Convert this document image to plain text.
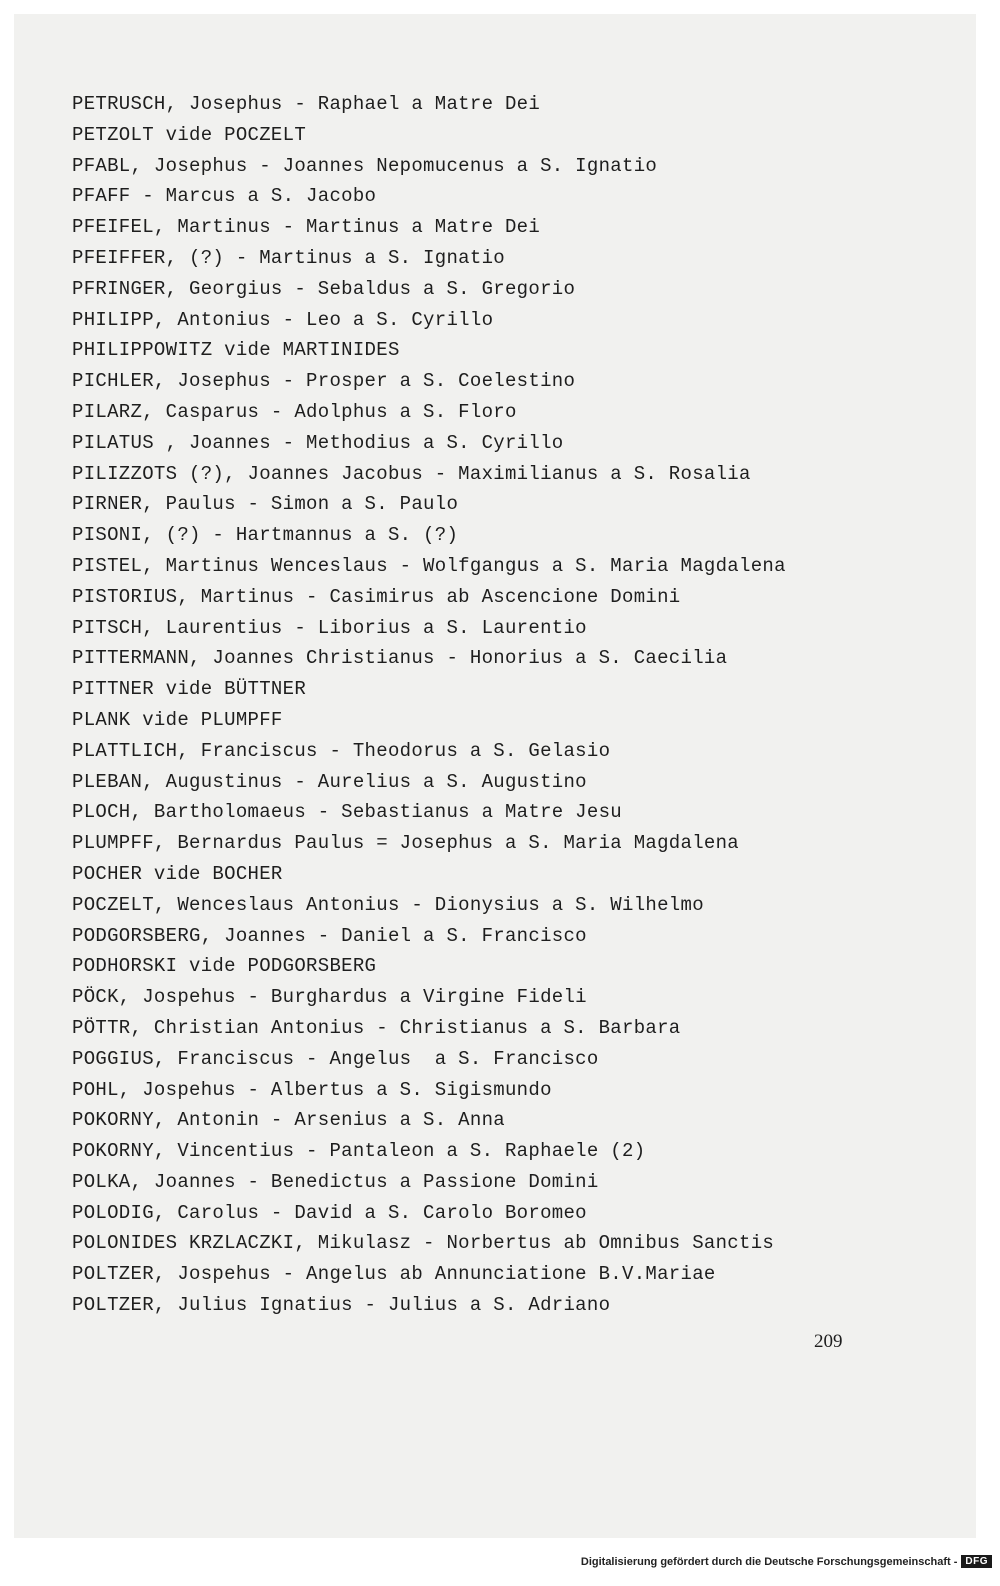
PETRUSCH, Josephus - Raphael a Matre Dei
PETZOLT vide POCZELT
PFABL, Josephus - Joannes Nepomucenus a S. Ignatio
PFAFF - Marcus a S. Jacobo
PFEIFEL, Martinus - Martinus a Matre Dei
PFEIFFER, (?) - Martinus a S. Ignatio
PFRINGER, Georgius - Sebaldus a S. Gregorio
PHILIPP, Antonius - Leo a S. Cyrillo
PHILIPPOWITZ vide MARTINIDES
PICHLER, Josephus - Prosper a S. Coelestino
PILARZ, Casparus - Adolphus a S. Floro
PILATUS , Joannes - Methodius a S. Cyrillo
PILIZZOTS (?), Joannes Jacobus - Maximilianus a S. Rosalia
PIRNER, Paulus - Simon a S. Paulo
PISONI, (?) - Hartmannus a S. (?)
PISTEL, Martinus Wenceslaus - Wolfgangus a S. Maria Magdalena
PISTORIUS, Martinus - Casimirus ab Ascencione Domini
PITSCH, Laurentius - Liborius a S. Laurentio
PITTERMANN, Joannes Christianus - Honorius a S. Caecilia
PITTNER vide BÜTTNER
PLANK vide PLUMPFF
PLATTLICH, Franciscus - Theodorus a S. Gelasio
PLEBAN, Augustinus - Aurelius a S. Augustino
PLOCH, Bartholomaeus - Sebastianus a Matre Jesu
PLUMPFF, Bernardus Paulus = Josephus a S. Maria Magdalena
POCHER vide BOCHER
POCZELT, Wenceslaus Antonius - Dionysius a S. Wilhelmo
PODGORSBERG, Joannes - Daniel a S. Francisco
PODHORSKI vide PODGORSBERG
PÖCK, Jospehus - Burghardus a Virgine Fideli
PÖTTR, Christian Antonius - Christianus a S. Barbara
POGGIUS, Franciscus - Angelus  a S. Francisco
POHL, Jospehus - Albertus a S. Sigismundo
POKORNY, Antonin - Arsenius a S. Anna
POKORNY, Vincentius - Pantaleon a S. Raphaele (2)
POLKA, Joannes - Benedictus a Passione Domini
POLODIG, Carolus - David a S. Carolo Boromeo
POLONIDES KRZLACZKI, Mikulasz - Norbertus ab Omnibus Sanctis
POLTZER, Jospehus - Angelus ab Annunciatione B.V.Mariae
POLTZER, Julius Ignatius - Julius a S. Adriano
209
Digitalisierung gefördert durch die Deutsche Forschungsgemeinschaft - DFG
